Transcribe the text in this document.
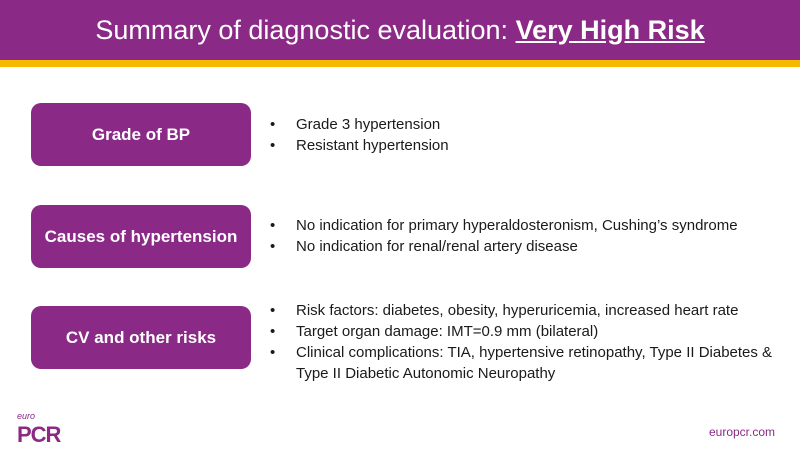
Summary of diagnostic evaluation:
Very High Risk
Grade of BP
•	Grade 3 hypertension
• Resistant hypertension
Causes of hypertension
• No indication for primary hyperaldosteronism, Cushing’s syndrome
• No indication for renal/renal artery disease
CV and other risks
• Risk factors: diabetes, obesity, hyperuricemia, increased heart rate
• Target organ damage: IMT=0.9 mm (bilateral)
• Clinical complications: TIA, hypertensive retinopathy, Type II Diabetes & Type II Diabetic Autonomic Neuropathy
euro
PCR	europcr.com
